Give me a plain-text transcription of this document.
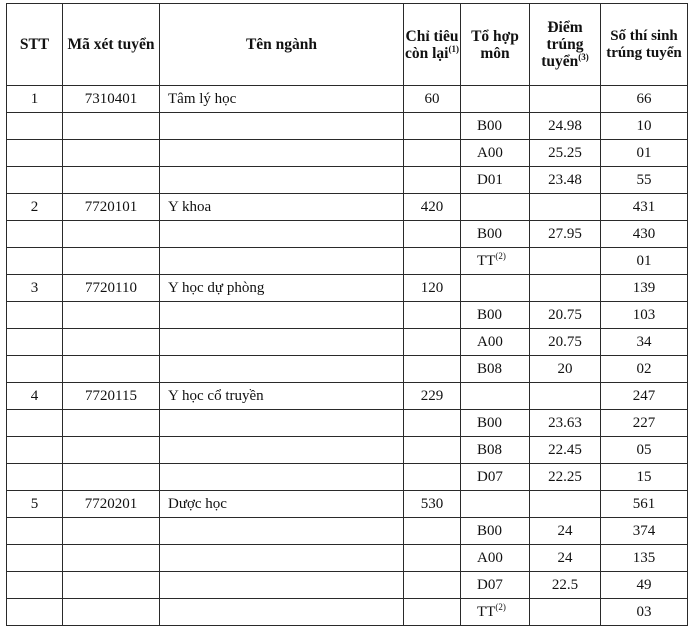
STT	Mã xét tuyển	Tên ngành	Chỉ tiêu còn lại$^{(1)}$	Tổ hợp môn	Điểm trúng tuyển$^{(3)}$	Số thí sinh trúng tuyển
1	7310401	Tâm lý học	60			66
				B00	24.98	10
				A00	25.25	01
				D01	23.48	55
2	7720101	Y khoa	420			431
				B00	27.95	430
				TT$^{(2)}$		01
3	7720110	Y học dự phòng	120			139
				B00	20.75	103
				A00	20.75	34
				B08	20	02
4	7720115	Y học cổ truyền	229			247
				B00	23.63	227
				B08	22.45	05
				D07	22.25	15
5	7720201	Dược học	530			561
				B00	24	374
				A00	24	135
				D07	22.5	49
				TT$^{(2)}$		03
